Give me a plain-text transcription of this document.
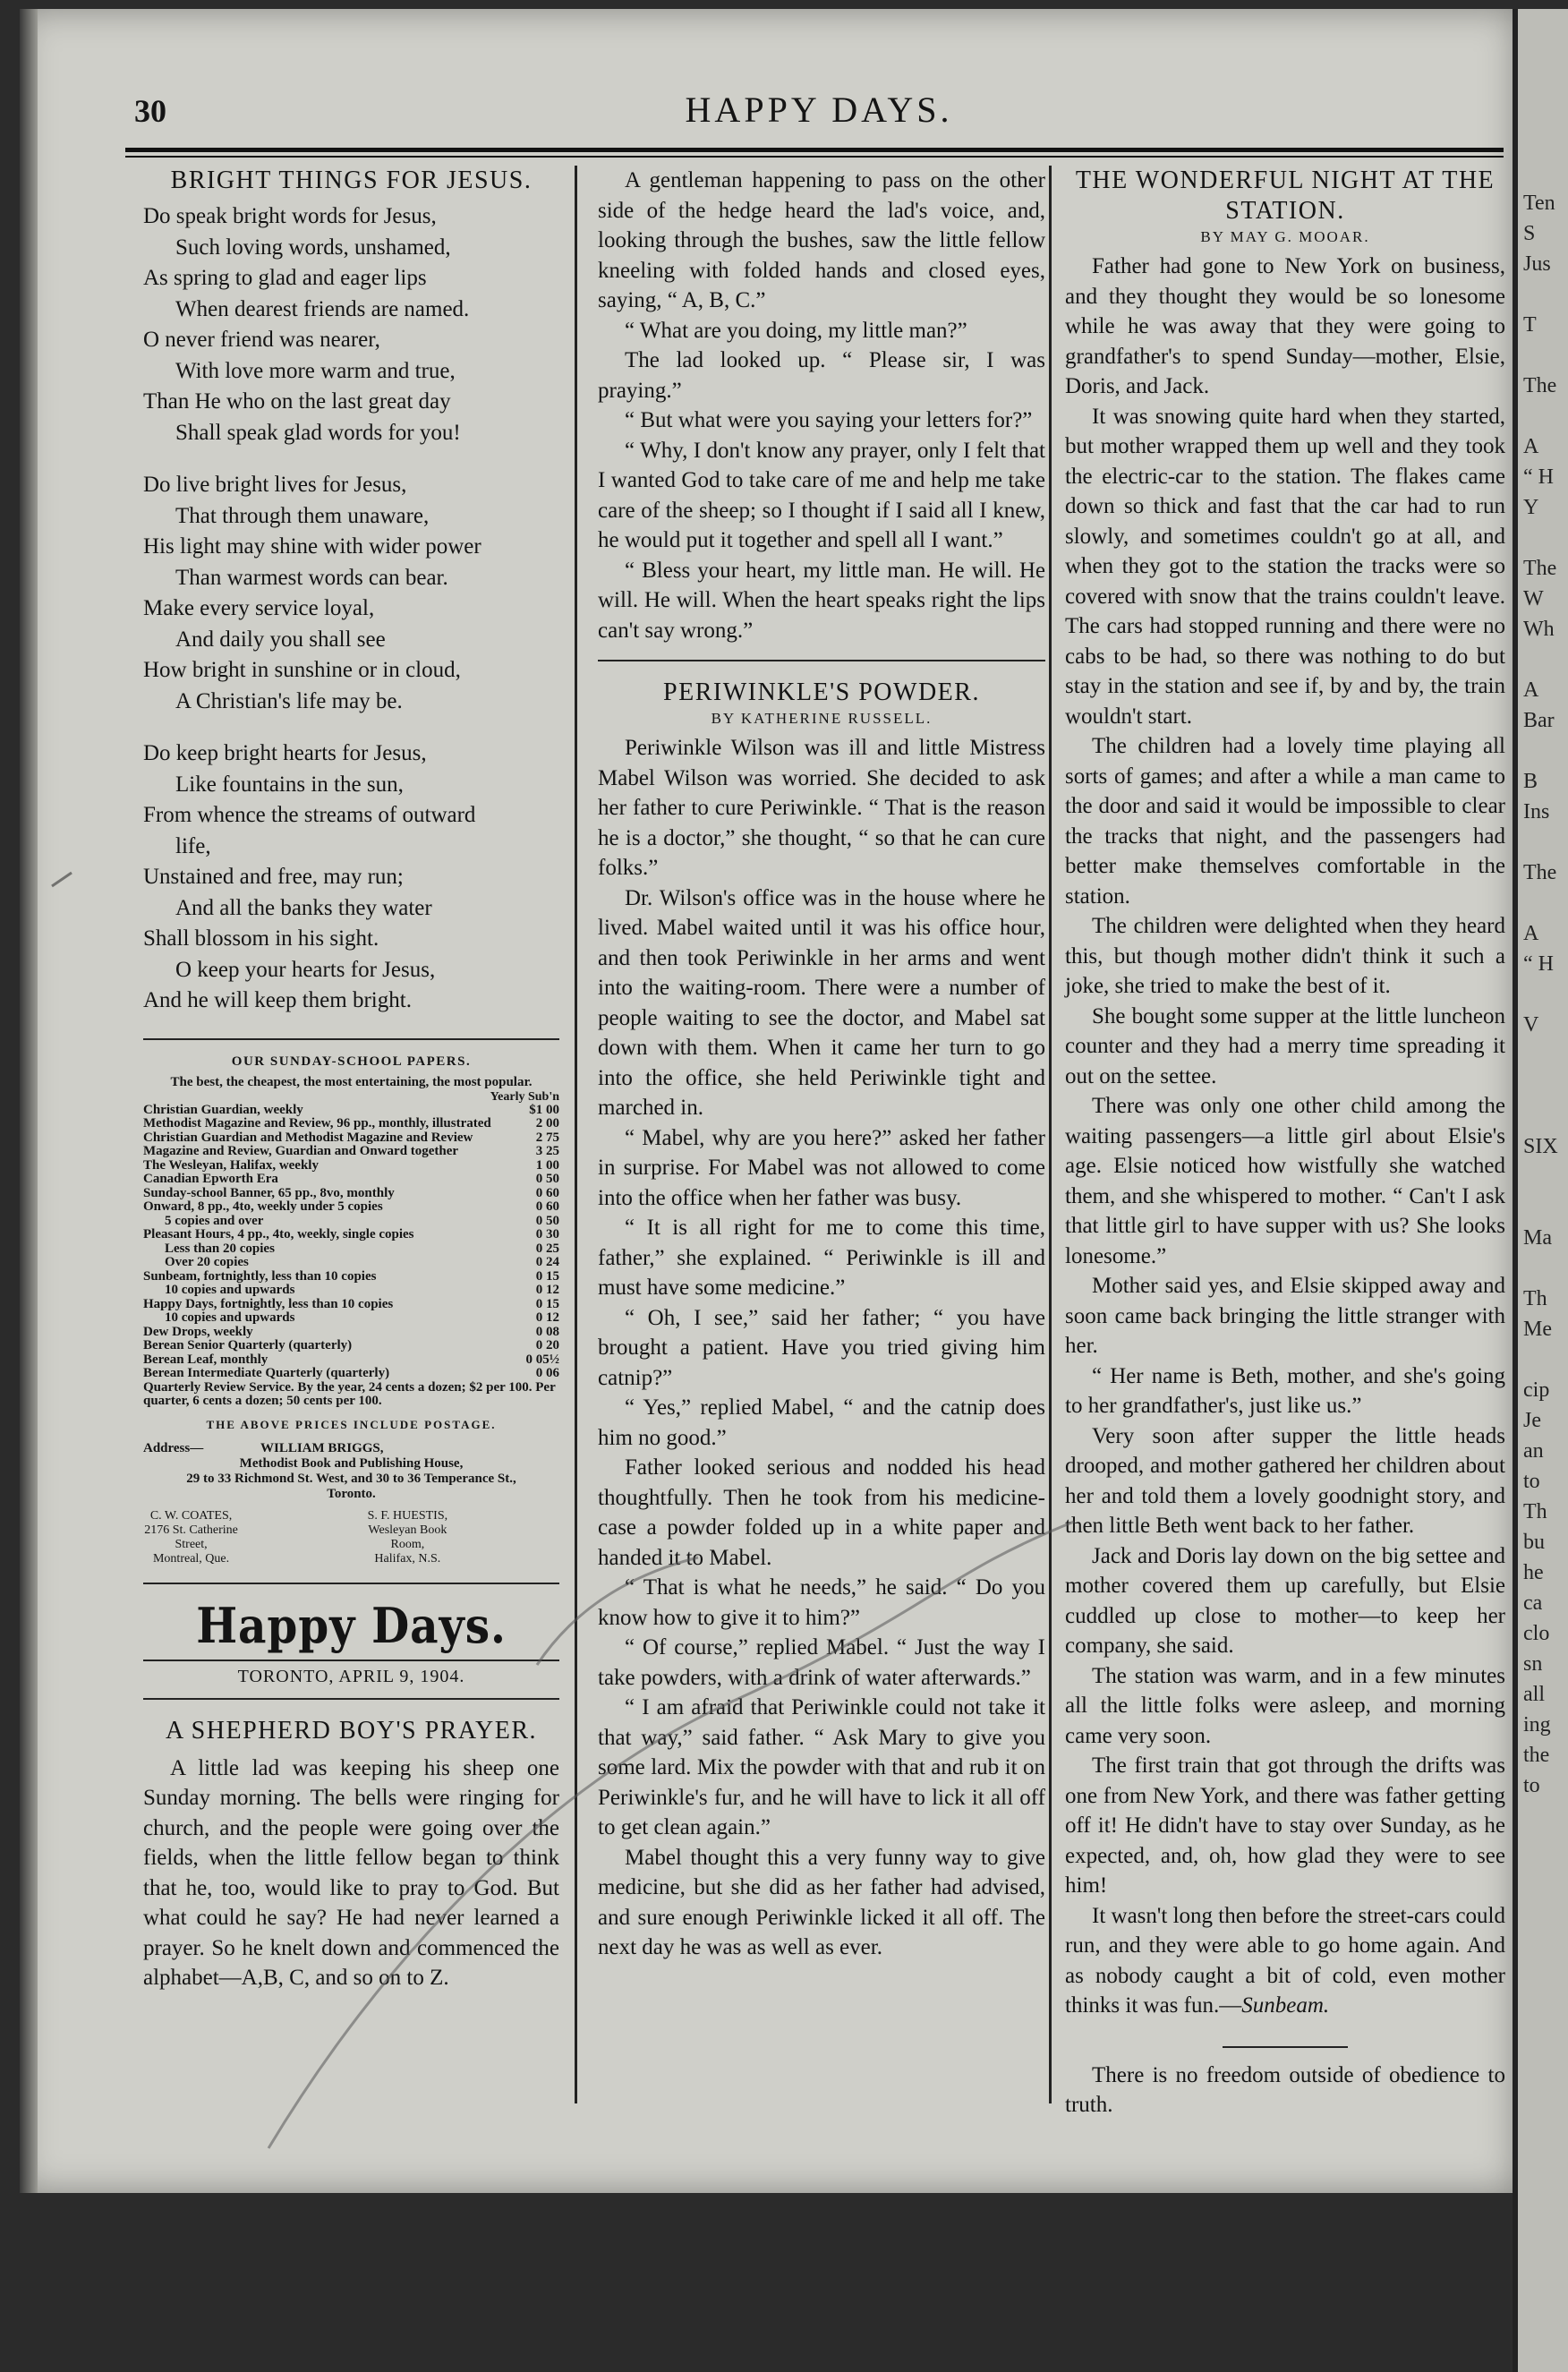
Ten
S
Jus

T

The

A
“ H
Y

The
W
Wh

A
Bar

B
Ins

The

A
“ H

V

SIX

Ma

Th
Me

cip
Je
an
to
Th
bu
he
ca
clo
sn
all
ing
the
to
30	HAPPY DAYS.
BRIGHT THINGS FOR JESUS.
Do speak bright words for Jesus,
Such loving words, unshamed,
As spring to glad and eager lips
When dearest friends are named.
O never friend was nearer,
With love more warm and true,
Than He who on the last great day
Shall speak glad words for you!
Do live bright lives for Jesus,
That through them unaware,
His light may shine with wider power
Than warmest words can bear.
Make every service loyal,
And daily you shall see
How bright in sunshine or in cloud,
A Christian's life may be.
Do keep bright hearts for Jesus,
Like fountains in the sun,
From whence the streams of outward
life,
Unstained and free, may run;
And all the banks they water
Shall blossom in his sight.
O keep your hearts for Jesus,
And he will keep them bright.
OUR SUNDAY-SCHOOL PAPERS.
The best, the cheapest, the most entertaining, the most popular.
Yearly Sub'n
Christian Guardian, weekly	$1 00
Methodist Magazine and Review, 96 pp., monthly, illustrated	2 00
Christian Guardian and Methodist Magazine and Review	2 75
Magazine and Review, Guardian and Onward together	3 25
The Wesleyan, Halifax, weekly	1 00
Canadian Epworth Era	0 50
Sunday-school Banner, 65 pp., 8vo, monthly	0 60
Onward, 8 pp., 4to, weekly under 5 copies	0 60
5 copies and over	0 50
Pleasant Hours, 4 pp., 4to, weekly, single copies	0 30
Less than 20 copies	0 25
Over 20 copies	0 24
Sunbeam, fortnightly, less than 10 copies	0 15
10 copies and upwards	0 12
Happy Days, fortnightly, less than 10 copies	0 15
10 copies and upwards	0 12
Dew Drops, weekly	0 08
Berean Senior Quarterly (quarterly)	0 20
Berean Leaf, monthly	0 05½
Berean Intermediate Quarterly (quarterly)	0 06
Quarterly Review Service. By the year, 24 cents a dozen; $2 per 100. Per quarter, 6 cents a dozen; 50 cents per 100.	
THE ABOVE PRICES INCLUDE POSTAGE.
Address—	WILLIAM BRIGGS,
Methodist Book and Publishing House,
29 to 33 Richmond St. West, and 30 to 36 Temperance St.,
Toronto.
C. W. COATES,
2176 St. Catherine Street,
Montreal, Que.
S. F. HUESTIS,
Wesleyan Book Room,
Halifax, N.S.
Happy Days.
TORONTO, APRIL 9, 1904.
A SHEPHERD BOY'S PRAYER.

A little lad was keeping his sheep one Sunday morning. The bells were ringing for church, and the people were going over the fields, when the little fellow began to think that he, too, would like to pray to God. But what could he say? He had never learned a prayer. So he knelt down and commenced the alphabet—A,B, C, and so on to Z.

A gentleman happening to pass on the other side of the hedge heard the lad's voice, and, looking through the bushes, saw the little fellow kneeling with folded hands and closed eyes, saying, “ A, B, C.”

“ What are you doing, my little man?”

The lad looked up. “ Please sir, I was praying.”

“ But what were you saying your letters for?”

“ Why, I don't know any prayer, only I felt that I wanted God to take care of me and help me take care of the sheep; so I thought if I said all I knew, he would put it together and spell all I want.”

“ Bless your heart, my little man. He will. He will. He will. When the heart speaks right the lips can't say wrong.”

PERIWINKLE'S POWDER.
BY KATHERINE RUSSELL.

Periwinkle Wilson was ill and little Mistress Mabel Wilson was worried. She decided to ask her father to cure Periwinkle. “ That is the reason he is a doctor,” she thought, “ so that he can cure folks.”

Dr. Wilson's office was in the house where he lived. Mabel waited until it was his office hour, and then took Periwinkle in her arms and went into the waiting-room. There were a number of people waiting to see the doctor, and Mabel sat down with them. When it came her turn to go into the office, she held Periwinkle tight and marched in.

“ Mabel, why are you here?” asked her father in surprise. For Mabel was not allowed to come into the office when her father was busy.

“ It is all right for me to come this time, father,” she explained. “ Periwinkle is ill and must have some medicine.”

“ Oh, I see,” said her father; “ you have brought a patient. Have you tried giving him catnip?”

“ Yes,” replied Mabel, “ and the catnip does him no good.”

Father looked serious and nodded his head thoughtfully. Then he took from his medicine-case a powder folded up in a white paper and handed it to Mabel.

“ That is what he needs,” he said. “ Do you know how to give it to him?”

“ Of course,” replied Mabel. “ Just the way I take powders, with a drink of water afterwards.”

“ I am afraid that Periwinkle could not take it that way,” said father. “ Ask Mary to give you some lard. Mix the powder with that and rub it on Periwinkle's fur, and he will have to lick it all off to get clean again.”

Mabel thought this a very funny way to give medicine, but she did as her father had advised, and sure enough Periwinkle licked it all off. The next day he was as well as ever.

THE WONDERFUL NIGHT AT THE STATION.
BY MAY G. MOOAR.

Father had gone to New York on business, and they thought they would be so lonesome while he was away that they were going to grandfather's to spend Sunday—mother, Elsie, Doris, and Jack.

It was snowing quite hard when they started, but mother wrapped them up well and they took the electric-car to the station. The flakes came down so thick and fast that the car had to run slowly, and sometimes couldn't go at all, and when they got to the station the tracks were so covered with snow that the trains couldn't leave. The cars had stopped running and there were no cabs to be had, so there was nothing to do but stay in the station and see if, by and by, the train wouldn't start.

The children had a lovely time playing all sorts of games; and after a while a man came to the door and said it would be impossible to clear the tracks that night, and the passengers had better make themselves comfortable in the station.

The children were delighted when they heard this, but though mother didn't think it such a joke, she tried to make the best of it.

She bought some supper at the little luncheon counter and they had a merry time spreading it out on the settee.

There was only one other child among the waiting passengers—a little girl about Elsie's age. Elsie noticed how wistfully she watched them, and she whispered to mother. “ Can't I ask that little girl to have supper with us? She looks lonesome.”

Mother said yes, and Elsie skipped away and soon came back bringing the little stranger with her.

“ Her name is Beth, mother, and she's going to her grandfather's, just like us.”

Very soon after supper the little heads drooped, and mother gathered her children about her and told them a lovely goodnight story, and then little Beth went back to her father.

Jack and Doris lay down on the big settee and mother covered them up carefully, but Elsie cuddled up close to mother—to keep her company, she said.

The station was warm, and in a few minutes all the little folks were asleep, and morning came very soon.

The first train that got through the drifts was one from New York, and there was father getting off it! He didn't have to stay over Sunday, as he expected, and, oh, how glad they were to see him!

It wasn't long then before the street-cars could run, and they were able to go home again. And as nobody caught a bit of cold, even mother thinks it was fun.—Sunbeam.

There is no freedom outside of obedience to truth.
